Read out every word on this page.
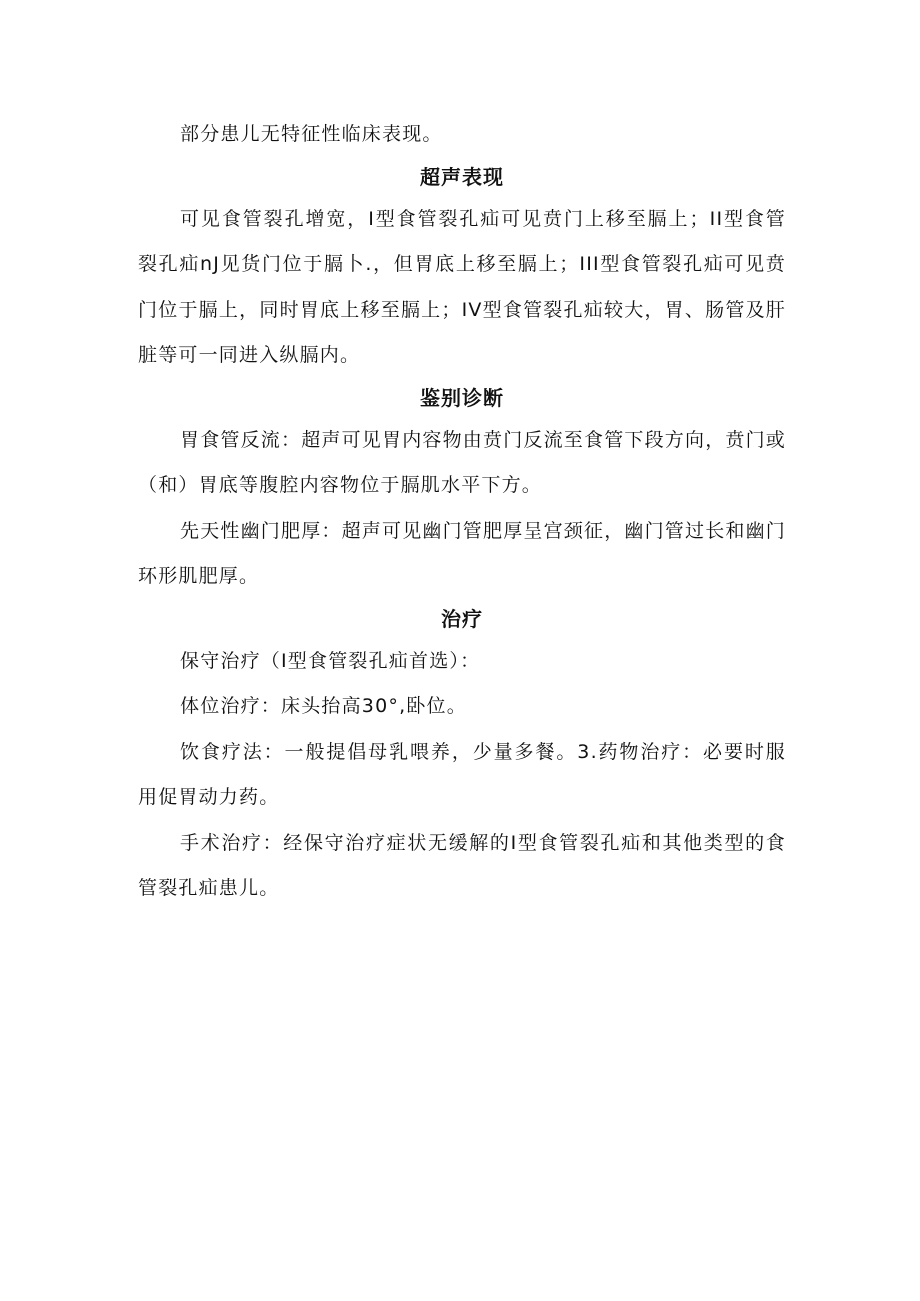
部分患儿无特征性临床表现。

超声表现

可见食管裂孔增宽，I型食管裂孔疝可见贲门上移至膈上；II型食管裂孔疝nJ见货门位于膈卜.，但胃底上移至膈上；III型食管裂孔疝可见贲门位于膈上，同时胃底上移至膈上；IV型食管裂孔疝较大，胃、肠管及肝脏等可一同进入纵膈内。

鉴别诊断

胃食管反流：超声可见胃内容物由贲门反流至食管下段方向，贲门或（和）胃底等腹腔内容物位于膈肌水平下方。

先天性幽门肥厚：超声可见幽门管肥厚呈宫颈征，幽门管过长和幽门环形肌肥厚。

治疗

保守治疗（I型食管裂孔疝首选）：

体位治疗：床头抬高30°,卧位。

饮食疗法：一般提倡母乳喂养，少量多餐。3.药物治疗：必要时服用促胃动力药。

手术治疗：经保守治疗症状无缓解的I型食管裂孔疝和其他类型的食管裂孔疝患儿。
